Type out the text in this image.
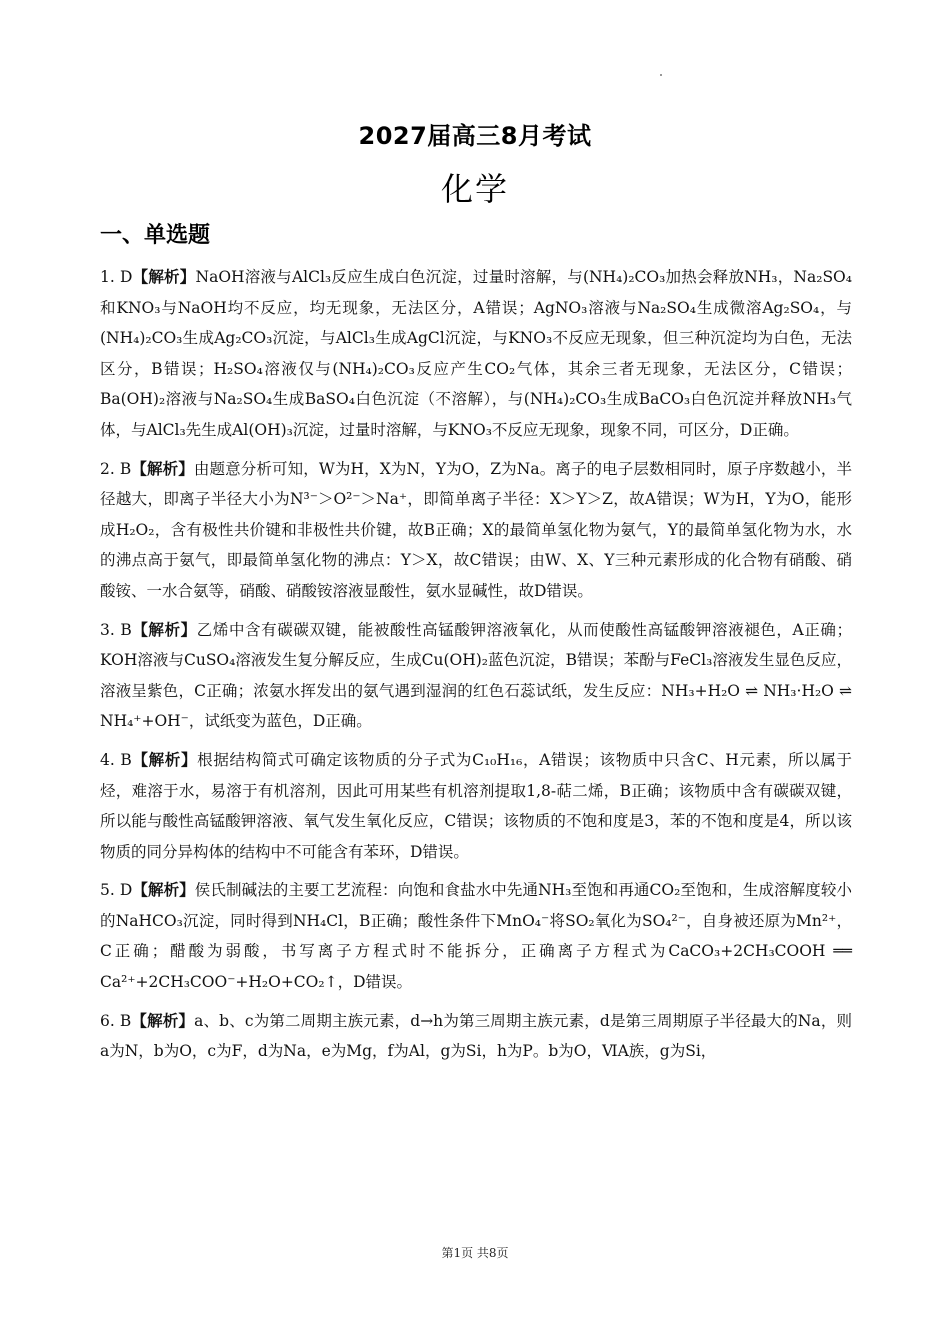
2027届高三8月考试
化学
一、单选题

1. D【解析】NaOH溶液与AlCl₃反应生成白色沉淀，过量时溶解，与(NH₄)₂CO₃加热会释放NH₃，Na₂SO₄和KNO₃与NaOH均不反应，均无现象，无法区分，A错误；AgNO₃溶液与Na₂SO₄生成微溶Ag₂SO₄，与(NH₄)₂CO₃生成Ag₂CO₃沉淀，与AlCl₃生成AgCl沉淀，与KNO₃不反应无现象，但三种沉淀均为白色，无法区分，B错误；H₂SO₄溶液仅与(NH₄)₂CO₃反应产生CO₂气体，其余三者无现象，无法区分，C错误；Ba(OH)₂溶液与Na₂SO₄生成BaSO₄白色沉淀（不溶解），与(NH₄)₂CO₃生成BaCO₃白色沉淀并释放NH₃气体，与AlCl₃先生成Al(OH)₃沉淀，过量时溶解，与KNO₃不反应无现象，现象不同，可区分，D正确。

2. B【解析】由题意分析可知，W为H，X为N，Y为O，Z为Na。离子的电子层数相同时，原子序数越小，半径越大，即离子半径大小为N³⁻＞O²⁻＞Na⁺，即简单离子半径：X＞Y＞Z，故A错误；W为H，Y为O，能形成H₂O₂，含有极性共价键和非极性共价键，故B正确；X的最简单氢化物为氨气，Y的最简单氢化物为水，水的沸点高于氨气，即最简单氢化物的沸点：Y＞X，故C错误；由W、X、Y三种元素形成的化合物有硝酸、硝酸铵、一水合氨等，硝酸、硝酸铵溶液显酸性，氨水显碱性，故D错误。

3. B【解析】乙烯中含有碳碳双键，能被酸性高锰酸钾溶液氧化，从而使酸性高锰酸钾溶液褪色，A正确；KOH溶液与CuSO₄溶液发生复分解反应，生成Cu(OH)₂蓝色沉淀，B错误；苯酚与FeCl₃溶液发生显色反应，溶液呈紫色，C正确；浓氨水挥发出的氨气遇到湿润的红色石蕊试纸，发生反应：NH₃+H₂O ⇌ NH₃·H₂O ⇌ NH₄⁺+OH⁻，试纸变为蓝色，D正确。

4. B【解析】根据结构简式可确定该物质的分子式为C₁₀H₁₆，A错误；该物质中只含C、H元素，所以属于烃，难溶于水，易溶于有机溶剂，因此可用某些有机溶剂提取1,8-萜二烯，B正确；该物质中含有碳碳双键，所以能与酸性高锰酸钾溶液、氧气发生氧化反应，C错误；该物质的不饱和度是3，苯的不饱和度是4，所以该物质的同分异构体的结构中不可能含有苯环，D错误。

5. D【解析】侯氏制碱法的主要工艺流程：向饱和食盐水中先通NH₃至饱和再通CO₂至饱和，生成溶解度较小的NaHCO₃沉淀，同时得到NH₄Cl，B正确；酸性条件下MnO₄⁻将SO₂氧化为SO₄²⁻，自身被还原为Mn²⁺，C正确；醋酸为弱酸，书写离子方程式时不能拆分，正确离子方程式为CaCO₃+2CH₃COOH ══ Ca²⁺+2CH₃COO⁻+H₂O+CO₂↑，D错误。

6. B【解析】a、b、c为第二周期主族元素，d→h为第三周期主族元素，d是第三周期原子半径最大的Na，则a为N，b为O，c为F，d为Na，e为Mg，f为Al，g为Si，h为P。b为O，ⅥA族，g为Si，

第1页 共8页
